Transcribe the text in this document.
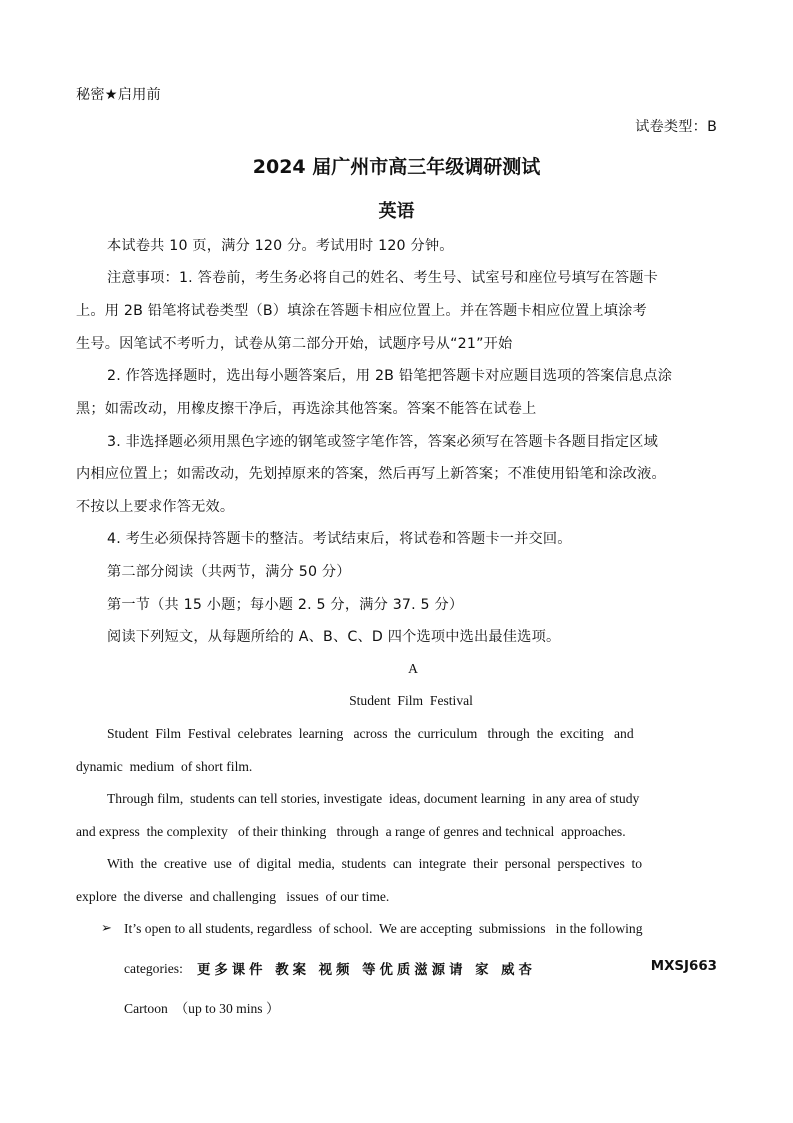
秘密★启用前
试卷类型：B
2024 届广州市高三年级调研测试
英语
本试卷共 10 页，满分 120 分。考试用时 120 分钟。
注意事项：1. 答卷前，考生务必将自己的姓名、考生号、试室号和座位号填写在答题卡
上。用 2B 铅笔将试卷类型（B）填涂在答题卡相应位置上。并在答题卡相应位置上填涂考
生号。因笔试不考听力，试卷从第二部分开始，试题序号从“21”开始
2. 作答选择题时，选出每小题答案后，用 2B 铅笔把答题卡对应题目选项的答案信息点涂
黑；如需改动，用橡皮擦干净后，再选涂其他答案。答案不能答在试卷上
3. 非选择题必须用黑色字迹的钢笔或签字笔作答，答案必须写在答题卡各题目指定区域
内相应位置上；如需改动，先划掉原来的答案，然后再写上新答案；不准使用铅笔和涂改液。
不按以上要求作答无效。
4. 考生必须保持答题卡的整洁。考试结束后，将试卷和答题卡一并交回。
第二部分阅读（共两节，满分 50 分）
第一节（共 15 小题；每小题 2. 5 分，满分 37. 5 分）
阅读下列短文，从每题所给的 A、B、C、D 四个选项中选出最佳选项。
A
Student  Film  Festival
Student  Film  Festival  celebrates  learning   across  the  curriculum   through  the  exciting   and
dynamic  medium  of short film.
Through film,  students can tell stories, investigate  ideas, document learning  in any area of study
and express  the complexity   of their thinking   through  a range of genres and technical  approaches.
With  the  creative  use  of  digital  media,  students  can  integrate  their  personal  perspectives  to
explore  the diverse  and challenging   issues  of our time.
➢ It’s open to all students, regardless  of school.  We are accepting  submissions   in the following
categories: 更多课件 教案 视频 等优质滋源请 家 威杏	MXSJ663
Cartoon  （up to 30 mins ）
